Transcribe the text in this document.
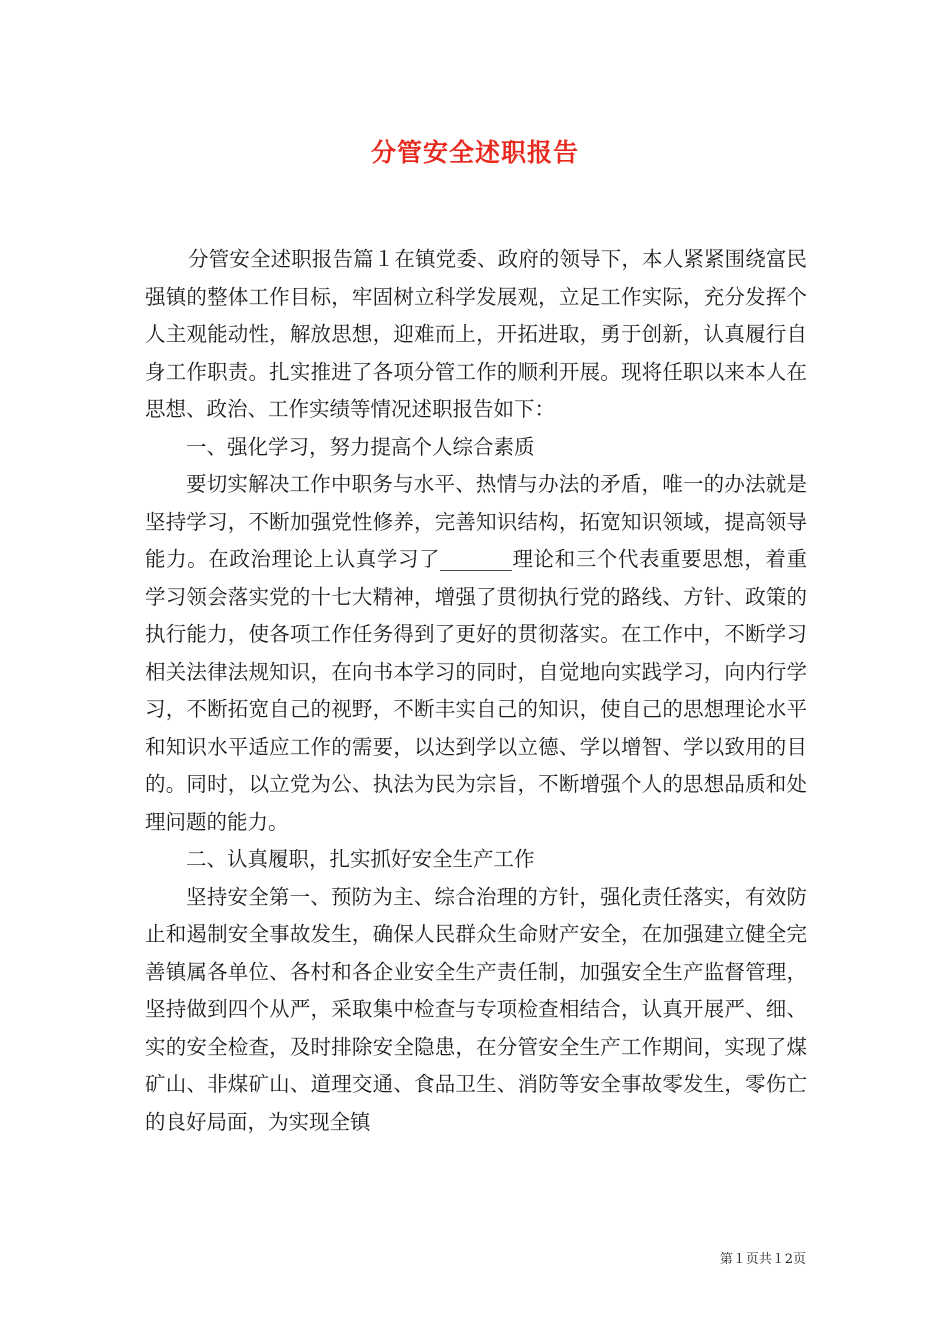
分管安全述职报告

分管安全述职报告篇１在镇党委、政府的领导下，本人紧紧围绕富民强镇的整体工作目标，牢固树立科学发展观，立足工作实际，充分发挥个人主观能动性，解放思想，迎难而上，开拓进取，勇于创新，认真履行自身工作职责。扎实推进了各项分管工作的顺利开展。现将任职以来本人在思想、政治、工作实绩等情况述职报告如下：

一、强化学习，努力提高个人综合素质

要切实解决工作中职务与水平、热情与办法的矛盾，唯一的办法就是坚持学习，不断加强党性修养，完善知识结构，拓宽知识领域，提高领导能力。在政治理论上认真学习了_______理论和三个代表重要思想，着重学习领会落实党的十七大精神，增强了贯彻执行党的路线、方针、政策的执行能力，使各项工作任务得到了更好的贯彻落实。在工作中，不断学习相关法律法规知识，在向书本学习的同时，自觉地向实践学习，向内行学习，不断拓宽自己的视野，不断丰实自己的知识，使自己的思想理论水平和知识水平适应工作的需要，以达到学以立德、学以增智、学以致用的目的。同时，以立党为公、执法为民为宗旨，不断增强个人的思想品质和处理问题的能力。

二、认真履职，扎实抓好安全生产工作

坚持安全第一、预防为主、综合治理的方针，强化责任落实，有效防止和遏制安全事故发生，确保人民群众生命财产安全，在加强建立健全完善镇属各单位、各村和各企业安全生产责任制，加强安全生产监督管理，坚持做到四个从严，采取集中检查与专项检查相结合，认真开展严、细、实的安全检查，及时排除安全隐患，在分管安全生产工作期间，实现了煤矿山、非煤矿山、道理交通、食品卫生、消防等安全事故零发生，零伤亡的良好局面，为实现全镇

第１页共１2页
